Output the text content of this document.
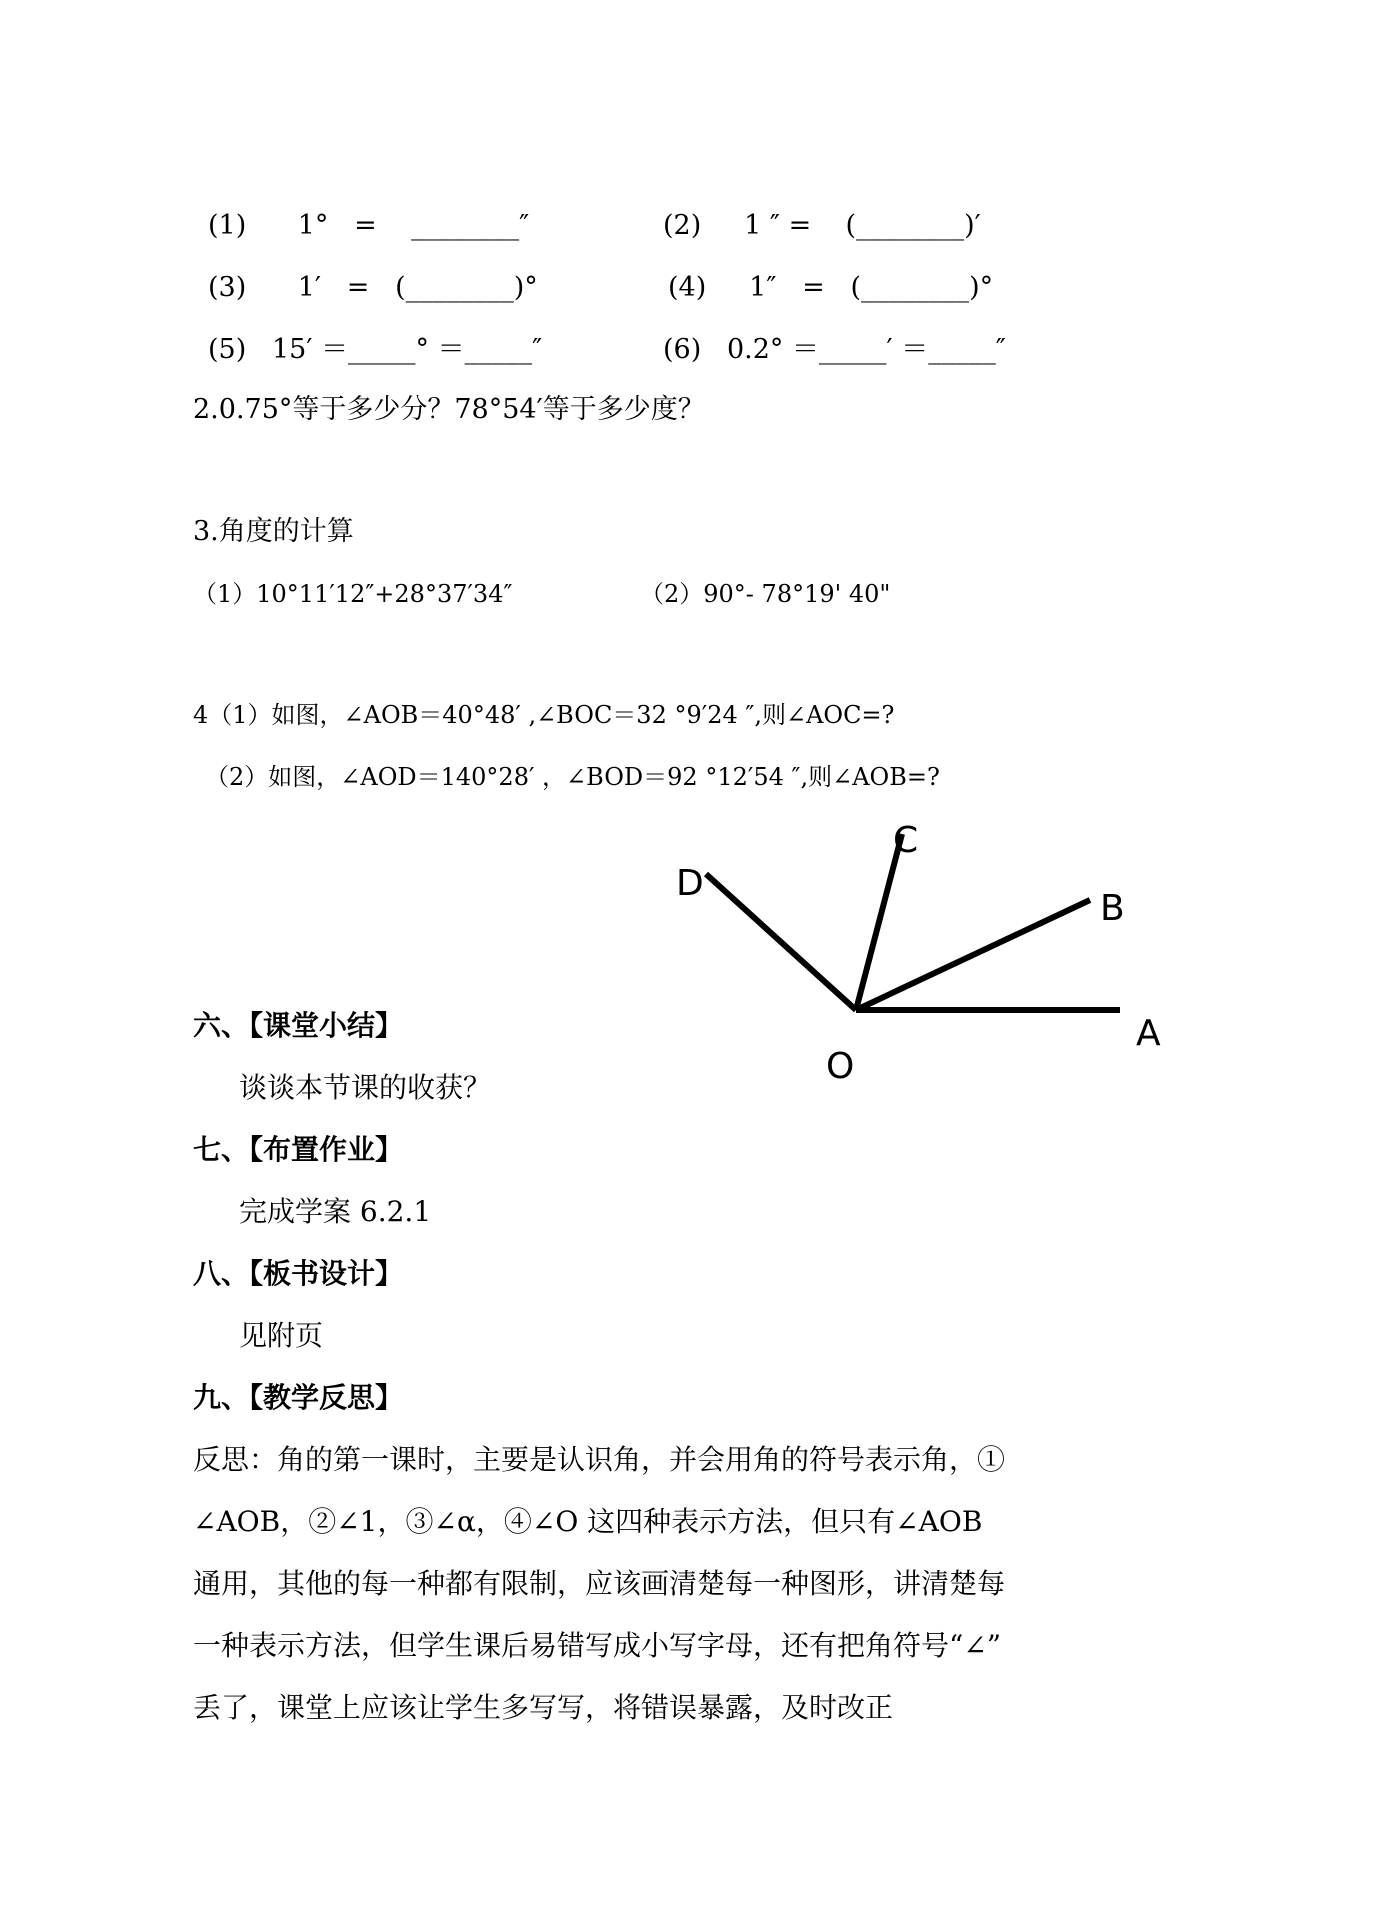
(1)      1°   =    ________″	(2)     1 ″ =    (________)′
(3)      1′   =   (________)°	(4)     1″   =   (________)°
(5)   15′ ＝_____° ＝_____″	(6)   0.2° ＝_____′ ＝_____″
2.0.75°等于多少分？78°54′等于多少度？
3.角度的计算
（1）10°11′12″+28°37′34″	（2）90°- 78°19' 40"
4（1）如图，∠AOB＝40°48′ ,∠BOC＝32 °9′24 ″,则∠AOC=?
（2）如图，∠AOD＝140°28′ ，∠BOD＝92 °12′54 ″,则∠AOB=?
A
B
C
D
O
六、【课堂小结】
谈谈本节课的收获？
七、【布置作业】
完成学案 6.2.1
八、【板书设计】
见附页
九、【教学反思】
反思：角的第一课时，主要是认识角，并会用角的符号表示角，①
∠AOB，②∠1，③∠α，④∠O 这四种表示方法，但只有∠AOB
通用，其他的每一种都有限制，应该画清楚每一种图形，讲清楚每
一种表示方法，但学生课后易错写成小写字母，还有把角符号“∠”
丢了，课堂上应该让学生多写写，将错误暴露，及时改正
